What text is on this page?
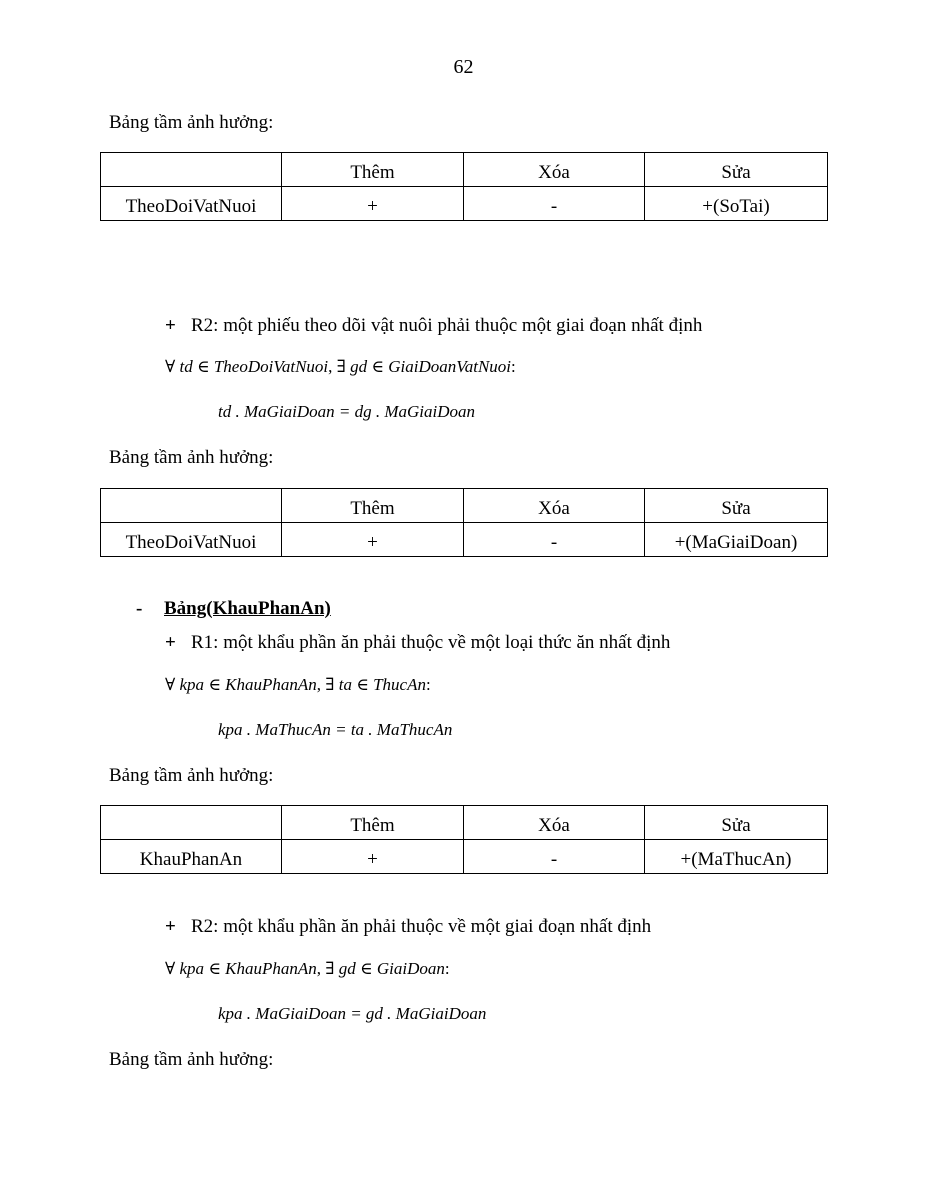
62
Bảng tầm ảnh hưởng:
	Thêm	Xóa	Sửa
TheoDoiVatNuoi	+	-	+(SoTai)
+ R2: một phiếu theo dõi vật nuôi phải thuộc một giai đoạn nhất định
∀ td ∈ TheoDoiVatNuoi, ∃ gd ∈ GiaiDoanVatNuoi:
td . MaGiaiDoan = dg . MaGiaiDoan
Bảng tầm ảnh hưởng:
	Thêm	Xóa	Sửa
TheoDoiVatNuoi	+	-	+(MaGiaiDoan)
- Bảng(KhauPhanAn)
+ R1: một khẩu phần ăn phải thuộc về một loại thức ăn nhất định
∀ kpa ∈ KhauPhanAn, ∃ ta ∈ ThucAn:
kpa . MaThucAn = ta . MaThucAn
Bảng tầm ảnh hưởng:
	Thêm	Xóa	Sửa
KhauPhanAn	+	-	+(MaThucAn)
+ R2: một khẩu phần ăn phải thuộc về một giai đoạn nhất định
∀ kpa ∈ KhauPhanAn, ∃ gd ∈ GiaiDoan:
kpa . MaGiaiDoan = gd . MaGiaiDoan
Bảng tầm ảnh hưởng:
